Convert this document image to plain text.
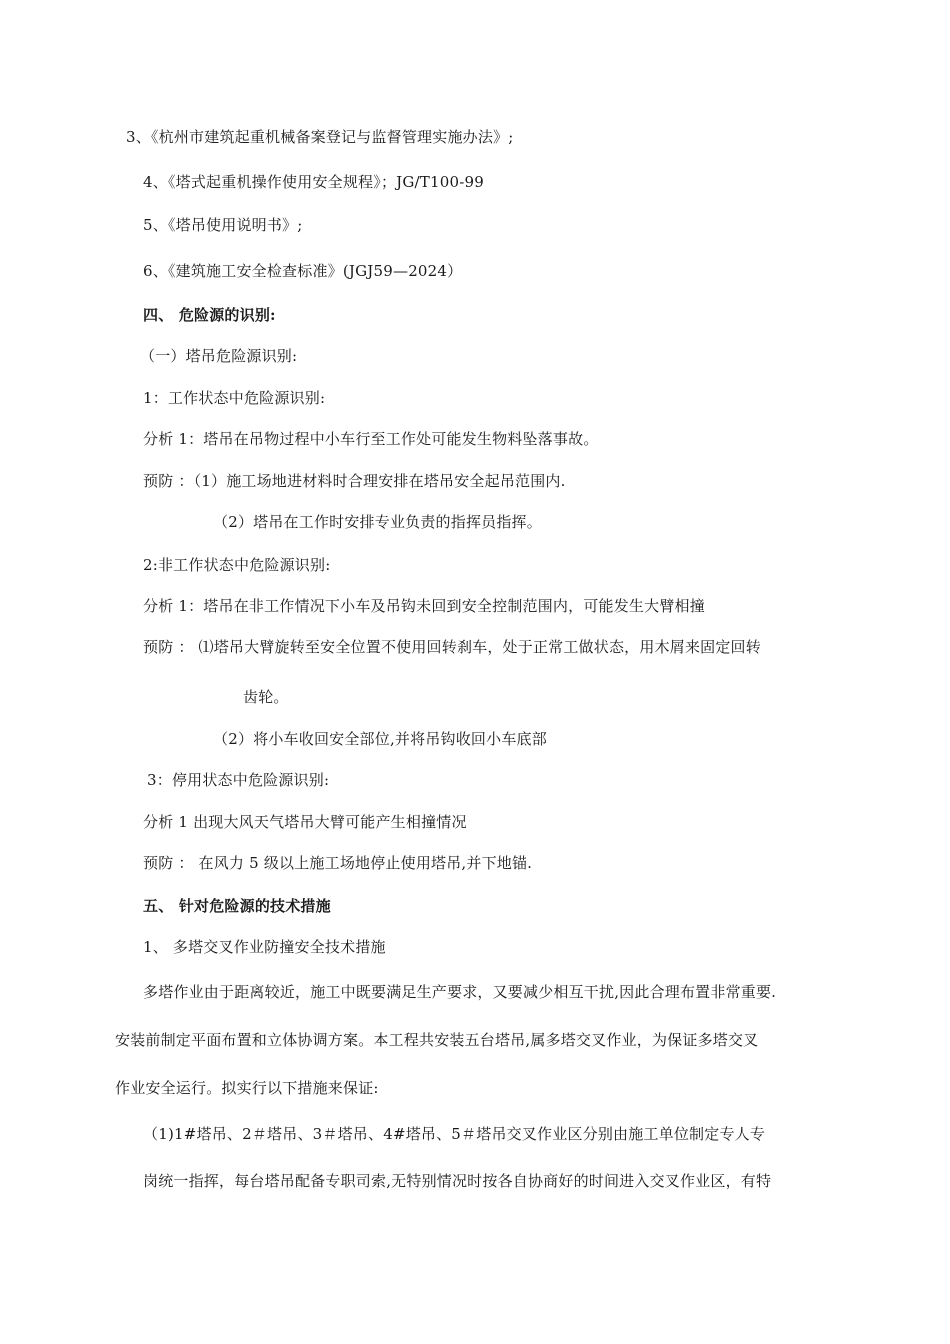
3、《杭州市建筑起重机械备案登记与监督管理实施办法》;
4、《塔式起重机操作使用安全规程》；JG/T100-99
5、《塔吊使用说明书》;
6、《建筑施工安全检查标准》(JGJ59—2024）
四、 危险源的识别:
（一）塔吊危险源识别:
1：工作状态中危险源识别:
分析 1：塔吊在吊物过程中小车行至工作处可能发生物料坠落事故。
预防 ：（1）施工场地进材料时合理安排在塔吊安全起吊范围内.
（2）塔吊在工作时安排专业负责的指挥员指挥。
2:非工作状态中危险源识别:
分析 1：塔吊在非工作情况下小车及吊钩未回到安全控制范围内，可能发生大臂相撞
预防 ： ⑴塔吊大臂旋转至安全位置不使用回转刹车，处于正常工做状态，用木屑来固定回转
齿轮。
（2）将小车收回安全部位,并将吊钩收回小车底部
3：停用状态中危险源识别:
分析 1 出现大风天气塔吊大臂可能产生相撞情况
预防 ： 在风力 5 级以上施工场地停止使用塔吊,并下地锚.
五、 针对危险源的技术措施
1、 多塔交叉作业防撞安全技术措施
多塔作业由于距离较近，施工中既要满足生产要求，又要减少相互干扰,因此合理布置非常重要.
安装前制定平面布置和立体协调方案。本工程共安装五台塔吊,属多塔交叉作业，为保证多塔交叉
作业安全运行。拟实行以下措施来保证:
（1)1#塔吊、2＃塔吊、3＃塔吊、4#塔吊、5＃塔吊交叉作业区分别由施工单位制定专人专
岗统一指挥，每台塔吊配备专职司索,无特别情况时按各自协商好的时间进入交叉作业区，有特
